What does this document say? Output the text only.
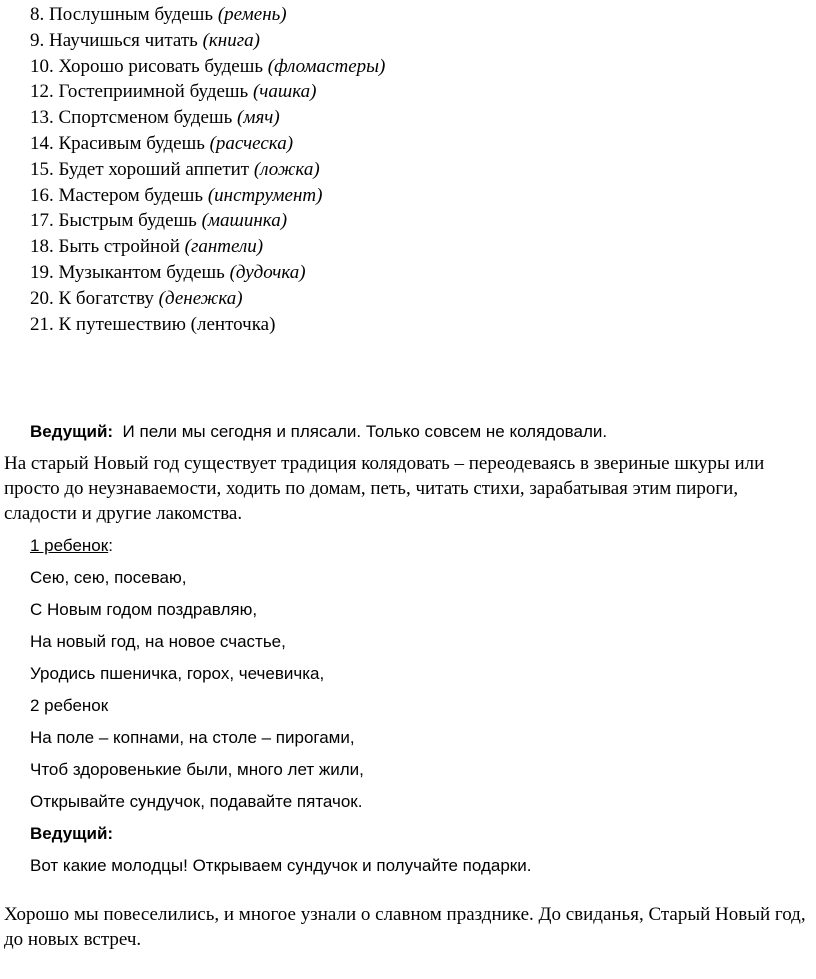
8. Послушным будешь (ремень)
9. Научишься читать (книга)
10. Хорошо рисовать будешь (фломастеры)
12. Гостеприимной будешь (чашка)
13. Спортсменом будешь (мяч)
14. Красивым будешь (расческа)
15. Будет хороший аппетит (ложка)
16. Мастером будешь (инструмент)
17. Быстрым будешь (машинка)
18. Быть стройной (гантели)
19. Музыкантом будешь (дудочка)
20. К богатству (денежка)
21. К путешествию (ленточка)
Ведущий: И пели мы сегодня и плясали. Только совсем не колядовали.

На старый Новый год существует традиция колядовать – переодеваясь в звериные шкуры или просто до неузнаваемости, ходить по домам, петь, читать стихи, зарабатывая этим пироги, сладости и другие лакомства.

1 ребенок:
Сею, сею, посеваю,
С Новым годом поздравляю,
На новый год, на новое счастье,
Уродись пшеничка, горох, чечевичка,
2 ребенок
На поле – копнами, на столе – пирогами,
Чтоб здоровенькие были, много лет жили,
Открывайте сундучок, подавайте пятачок.
Ведущий:
Вот какие молодцы! Открываем сундучок и получайте подарки.

Хорошо мы повеселились, и многое узнали о славном празднике. До свиданья, Старый Новый год, до новых встреч.
